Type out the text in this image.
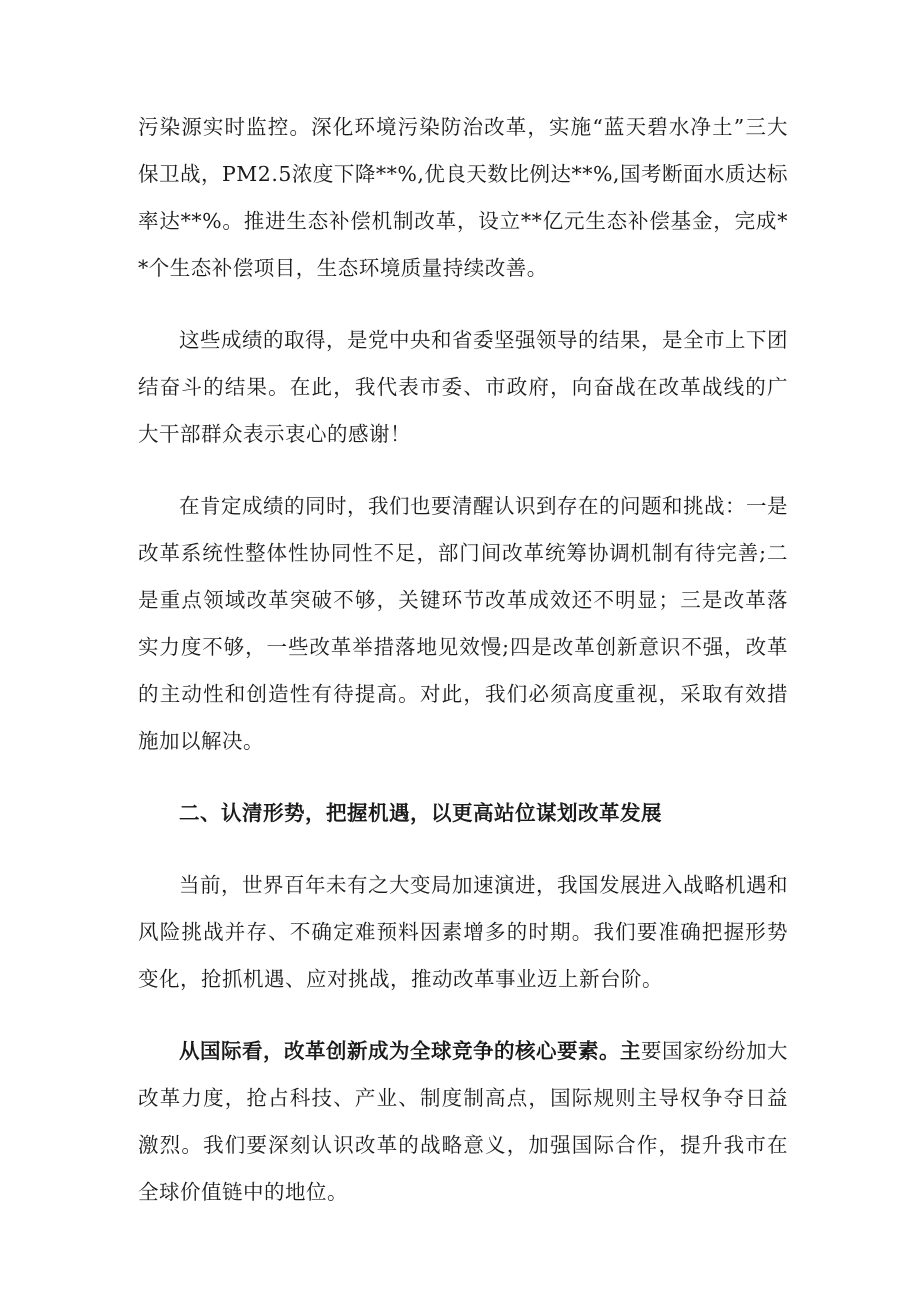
污染源实时监控。深化环境污染防治改革，实施“蓝天碧水净土”三大保卫战，PM2.5浓度下降**%,优良天数比例达**%,国考断面水质达标率达**%。推进生态补偿机制改革，设立**亿元生态补偿基金，完成**个生态补偿项目，生态环境质量持续改善。

这些成绩的取得，是党中央和省委坚强领导的结果，是全市上下团结奋斗的结果。在此，我代表市委、市政府，向奋战在改革战线的广大干部群众表示衷心的感谢！

在肯定成绩的同时，我们也要清醒认识到存在的问题和挑战：一是改革系统性整体性协同性不足，部门间改革统筹协调机制有待完善;二是重点领域改革突破不够，关键环节改革成效还不明显；三是改革落实力度不够，一些改革举措落地见效慢;四是改革创新意识不强，改革的主动性和创造性有待提高。对此，我们必须高度重视，采取有效措施加以解决。

二、认清形势，把握机遇，以更高站位谋划改革发展

当前，世界百年未有之大变局加速演进，我国发展进入战略机遇和风险挑战并存、不确定难预料因素增多的时期。我们要准确把握形势变化，抢抓机遇、应对挑战，推动改革事业迈上新台阶。

从国际看，改革创新成为全球竞争的核心要素。主要国家纷纷加大改革力度，抢占科技、产业、制度制高点，国际规则主导权争夺日益激烈。我们要深刻认识改革的战略意义，加强国际合作，提升我市在全球价值链中的地位。
